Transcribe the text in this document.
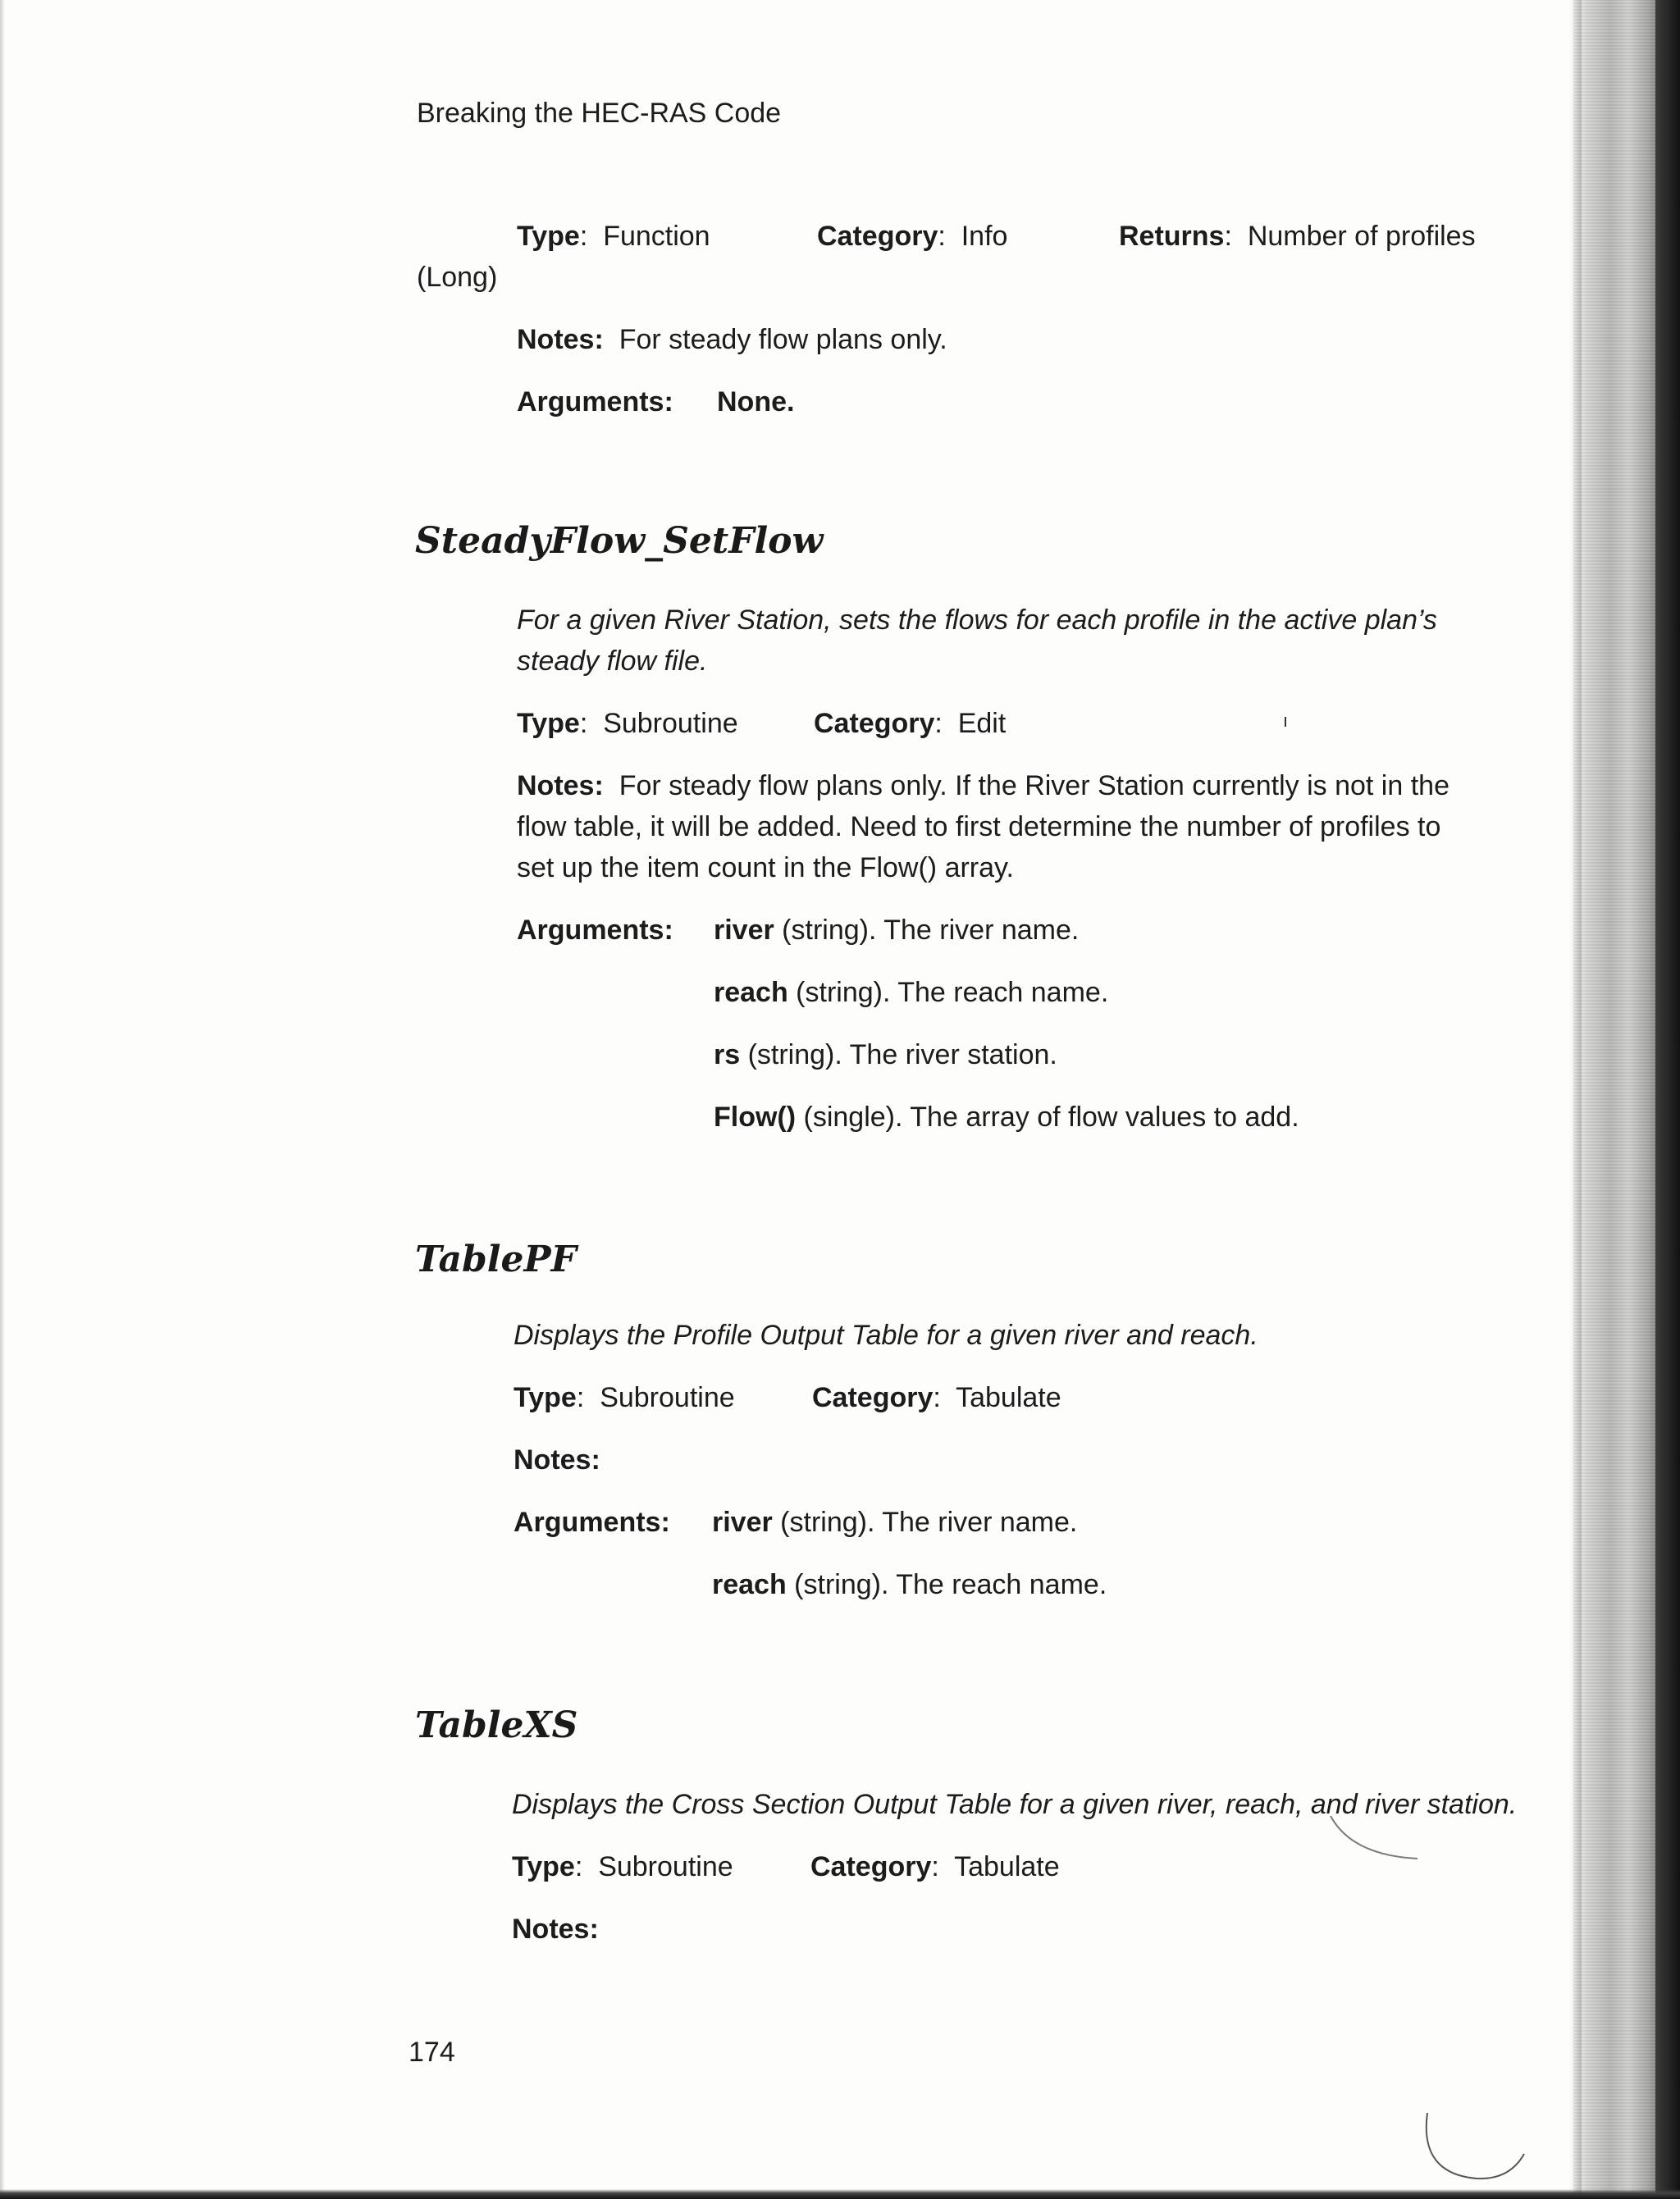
Breaking the HEC-RAS Code
Type:  Function	Category:  Info	Returns:  Number of profiles
(Long)
Notes: For steady flow plans only.
Arguments: None.
SteadyFlow_SetFlow
For a given River Station, sets the flows for each profile in the active plan’s
steady flow file.
Type:  Subroutine	Category:  Edit
Notes: For steady flow plans only. If the River Station currently is not in the
flow table, it will be added. Need to first determine the number of profiles to
set up the item count in the Flow() array.
Arguments: river (string). The river name.
reach (string). The reach name.
rs (string). The river station.
Flow() (single). The array of flow values to add.
TablePF
Displays the Profile Output Table for a given river and reach.
Type:  Subroutine	Category:  Tabulate
Notes:
Arguments: river (string). The river name.
reach (string). The reach name.
TableXS
Displays the Cross Section Output Table for a given river, reach, and river station.
Type:  Subroutine	Category:  Tabulate
Notes:
174
